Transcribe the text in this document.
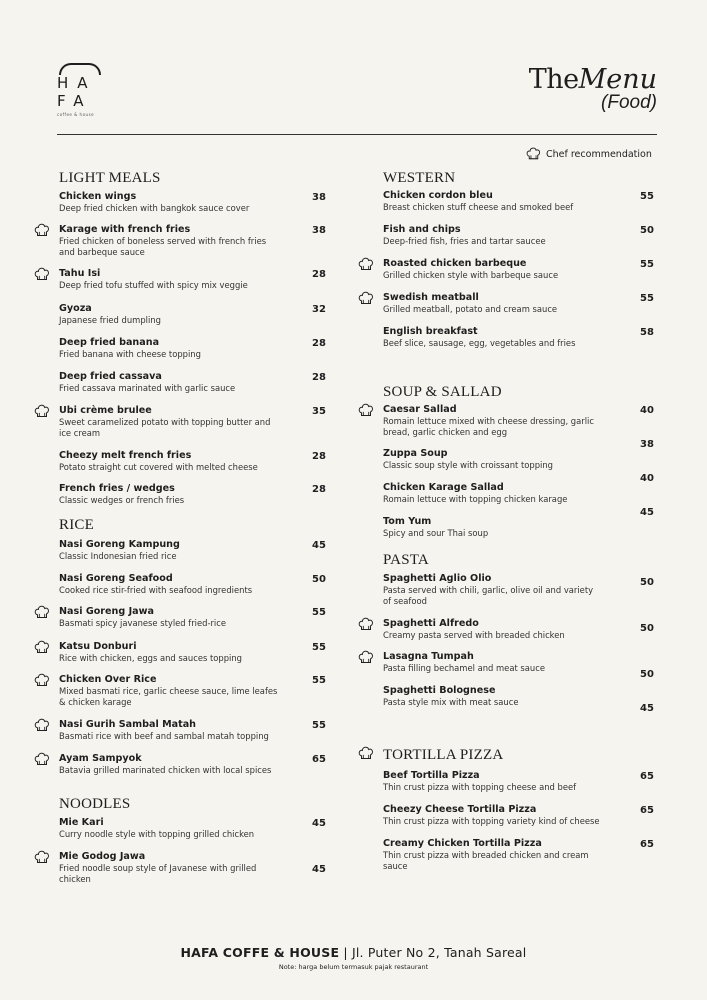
HA
FA
coffee & house
TheMenu
(Food)
Chef recommendation
LIGHT MEALS
RICE
NOODLES
WESTERN
SOUP & SALLAD
PASTA
TORTILLA PIZZA
Chicken wings
Deep fried chicken with bangkok sauce cover
38
Karage with french fries
Fried chicken of boneless served with french fries and barbeque sauce
38
Tahu Isi
Deep fried tofu stuffed with spicy mix veggie
28
Gyoza
Japanese fried dumpling
32
Deep fried banana
Fried banana with cheese topping
28
Deep fried cassava
Fried cassava marinated with garlic sauce
28
Ubi crème brulee
Sweet caramelized potato with topping butter and ice cream
35
Cheezy melt french fries
Potato straight cut covered with melted cheese
28
French fries / wedges
Classic wedges or french fries
28
Nasi Goreng Kampung
Classic Indonesian fried rice
45
Nasi Goreng Seafood
Cooked rice stir-fried with seafood ingredients
50
Nasi Goreng Jawa
Basmati spicy javanese styled fried-rice
55
Katsu Donburi
Rice with chicken, eggs and sauces topping
55
Chicken Over Rice
Mixed basmati rice, garlic cheese sauce, lime leafes & chicken karage
55
Nasi Gurih Sambal Matah
Basmati rice with beef and sambal matah topping
55
Ayam Sampyok
Batavia grilled marinated chicken with local spices
65
Mie Kari
Curry noodle style with topping grilled chicken
45
Mie Godog Jawa
Fried noodle soup style of Javanese with grilled chicken
45
Chicken cordon bleu
Breast chicken stuff cheese and smoked beef
55
Fish and chips
Deep-fried fish, fries and tartar saucee
50
Roasted chicken barbeque
Grilled chicken style with barbeque sauce
55
Swedish meatball
Grilled meatball, potato and cream sauce
55
English breakfast
Beef slice, sausage, egg, vegetables and fries
58
Caesar Sallad
Romain lettuce mixed with cheese dressing, garlic bread, garlic chicken and egg
40
Zuppa Soup
Classic soup style with croissant topping
38
Chicken Karage Sallad
Romain lettuce with topping chicken karage
40
Tom Yum
Spicy and sour Thai soup
45
Spaghetti Aglio Olio
Pasta served with chili, garlic, olive oil and variety of seafood
50
Spaghetti Alfredo
Creamy pasta served with breaded chicken
50
Lasagna Tumpah
Pasta filling bechamel and meat sauce
50
Spaghetti Bolognese
Pasta style mix with meat sauce
45
Beef Tortilla Pizza
Thin crust pizza with topping cheese and beef
65
Cheezy Cheese Tortilla Pizza
Thin crust pizza with topping variety kind of cheese
65
Creamy Chicken Tortilla Pizza
Thin crust pizza with breaded chicken and cream sauce
65
HAFA COFFE & HOUSE | Jl. Puter No 2, Tanah Sareal
Note: harga belum termasuk pajak restaurant
